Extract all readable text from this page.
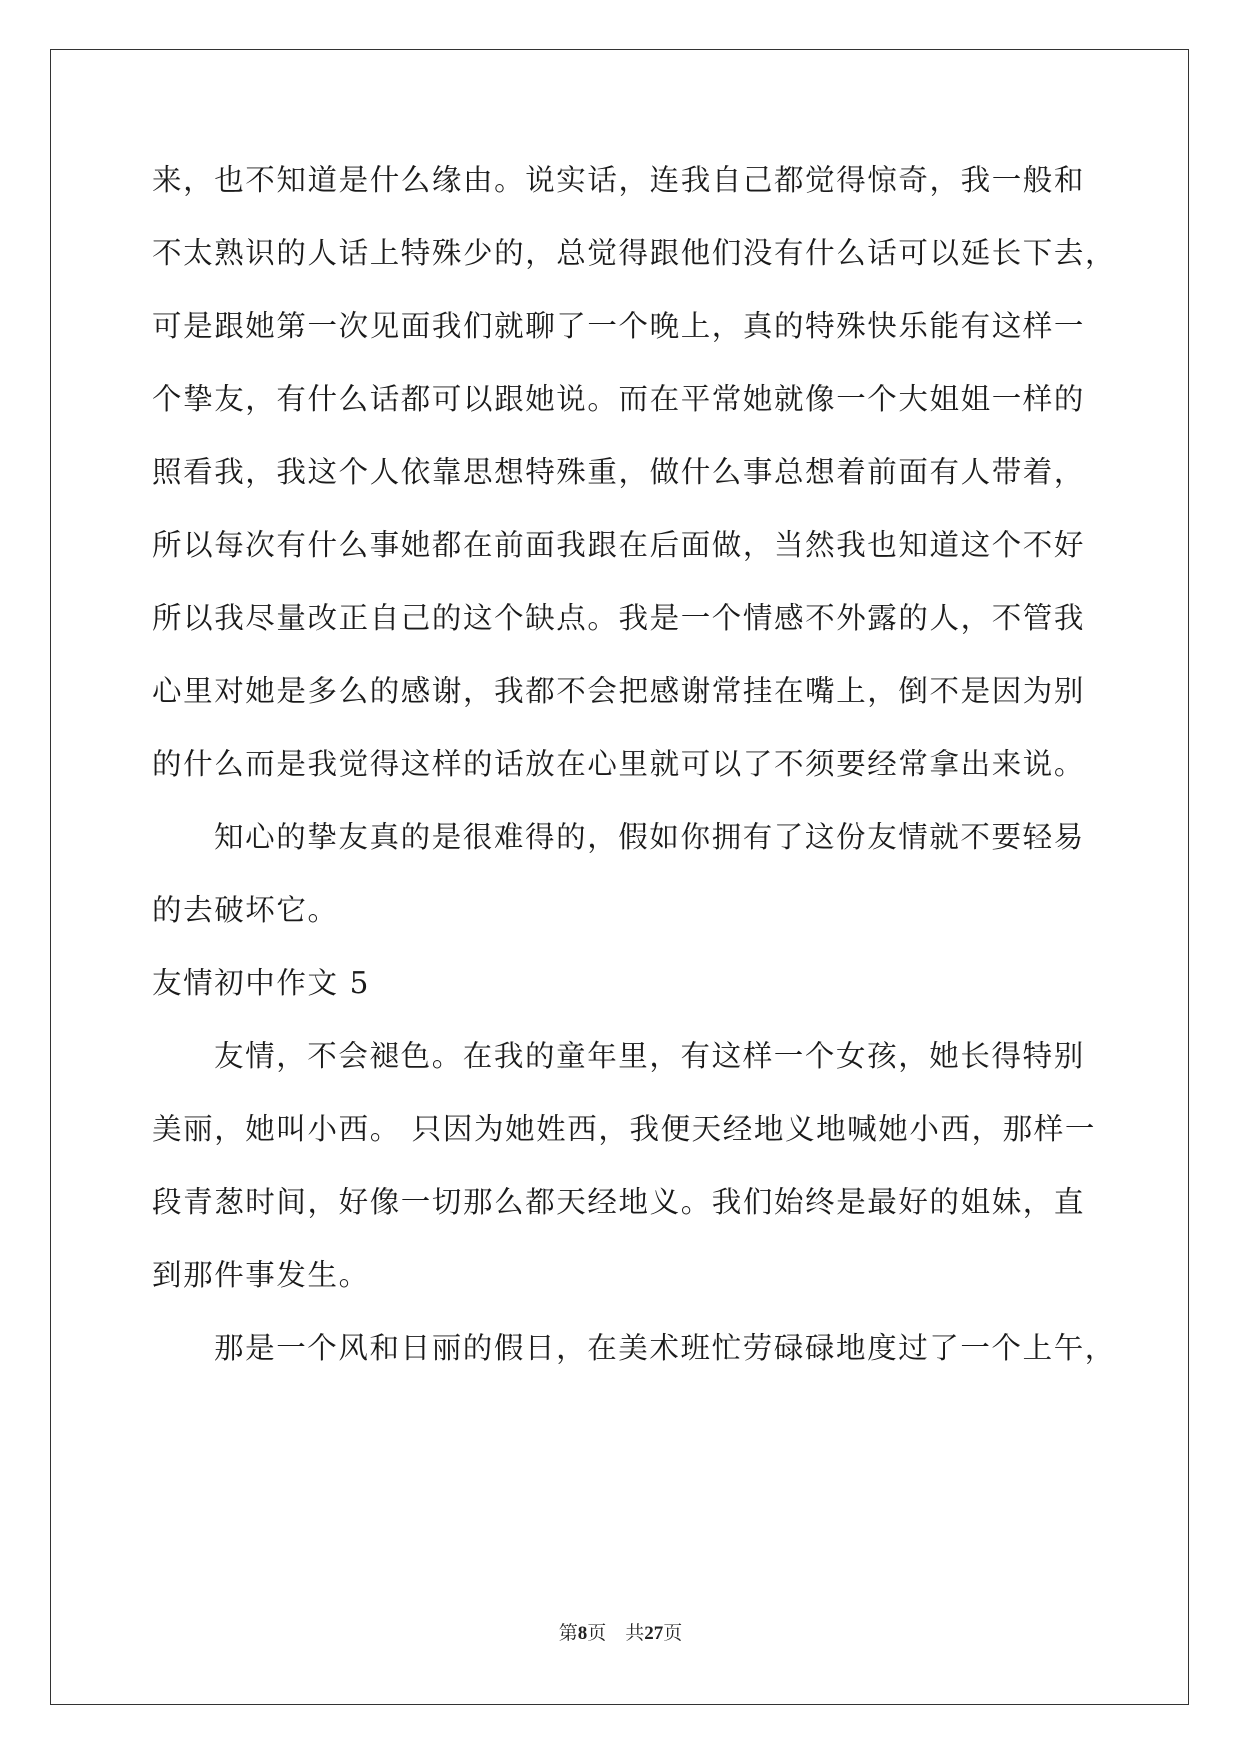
来，也不知道是什么缘由。说实话，连我自己都觉得惊奇，我一般和
不太熟识的人话上特殊少的，总觉得跟他们没有什么话可以延长下去，
可是跟她第一次见面我们就聊了一个晚上，真的特殊快乐能有这样一
个挚友，有什么话都可以跟她说。而在平常她就像一个大姐姐一样的
照看我，我这个人依靠思想特殊重，做什么事总想着前面有人带着，
所以每次有什么事她都在前面我跟在后面做，当然我也知道这个不好
所以我尽量改正自己的这个缺点。我是一个情感不外露的人，不管我
心里对她是多么的感谢，我都不会把感谢常挂在嘴上，倒不是因为别
的什么而是我觉得这样的话放在心里就可以了不须要经常拿出来说。
知心的挚友真的是很难得的，假如你拥有了这份友情就不要轻易
的去破坏它。
友情初中作文 5
友情，不会褪色。在我的童年里，有这样一个女孩，她长得特别
美丽，她叫小西。 只因为她姓西，我便天经地义地喊她小西，那样一
段青葱时间，好像一切那么都天经地义。我们始终是最好的姐妹，直
到那件事发生。
那是一个风和日丽的假日，在美术班忙劳碌碌地度过了一个上午，
第8页 共27页
